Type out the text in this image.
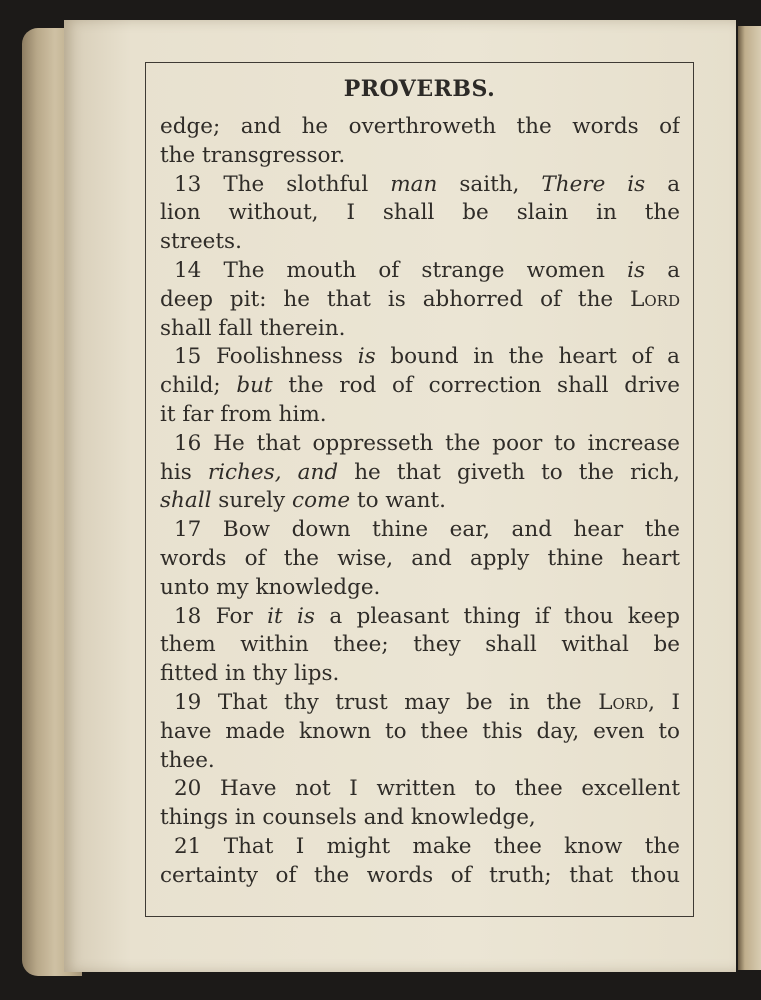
PROVERBS.
edge; and he overthroweth the words of
the transgressor.
13 The slothful man saith, There is a
lion without, I shall be slain in the
streets.
14 The mouth of strange women is a
deep pit: he that is abhorred of the Lord
shall fall therein.
15 Foolishness is bound in the heart of a
child; but the rod of correction shall drive
it far from him.
16 He that oppresseth the poor to increase
his riches, and he that giveth to the rich,
shall surely come to want.
17 Bow down thine ear, and hear the
words of the wise, and apply thine heart
unto my knowledge.
18 For it is a pleasant thing if thou keep
them within thee; they shall withal be
fitted in thy lips.
19 That thy trust may be in the Lord, I
have made known to thee this day, even to
thee.
20 Have not I written to thee excellent
things in counsels and knowledge,
21 That I might make thee know the
certainty of the words of truth; that thou
